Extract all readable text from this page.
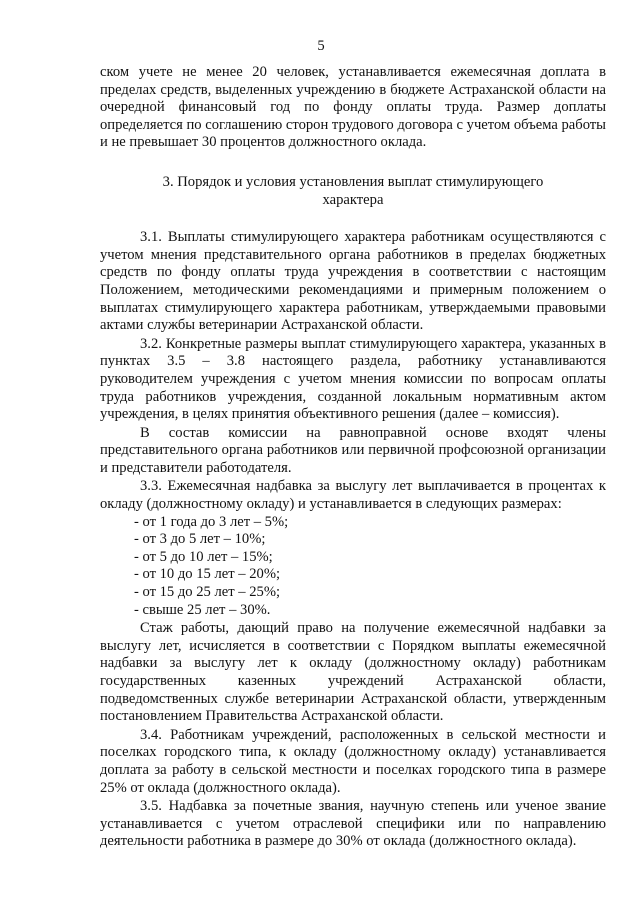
5

ском учете не менее 20 человек, устанавливается ежемесячная доплата в пределах средств, выделенных учреждению в бюджете Астраханской области на очередной финансовый год по фонду оплаты труда. Размер доплаты определяется по соглашению сторон трудового договора с учетом объема работы и не превышает 30 процентов должностного оклада.

3. Порядок и условия установления выплат стимулирующего
характера

3.1. Выплаты стимулирующего характера работникам осуществляются с учетом мнения представительного органа работников в пределах бюджетных средств по фонду оплаты труда учреждения в соответствии с настоящим Положением, методическими рекомендациями и примерным положением о выплатах стимулирующего характера работникам, утверждаемыми правовыми актами службы ветеринарии Астраханской области.

3.2. Конкретные размеры выплат стимулирующего характера, указанных в пунктах 3.5 – 3.8 настоящего раздела, работнику устанавливаются руководителем учреждения с учетом мнения комиссии по вопросам оплаты труда работников учреждения, созданной локальным нормативным актом учреждения, в целях принятия объективного решения (далее – комиссия).

В состав комиссии на равноправной основе входят члены представительного органа работников или первичной профсоюзной организации и представители работодателя.

3.3. Ежемесячная надбавка за выслугу лет выплачивается в процентах к окладу (должностному окладу) и устанавливается в следующих размерах:

- от 1 года до 3 лет – 5%;

- от 3 до 5 лет – 10%;

- от 5 до 10 лет – 15%;

- от 10 до 15 лет – 20%;

- от 15 до 25 лет – 25%;

- свыше 25 лет – 30%.

Стаж работы, дающий право на получение ежемесячной надбавки за выслугу лет, исчисляется в соответствии с Порядком выплаты ежемесячной надбавки за выслугу лет к окладу (должностному окладу) работникам государственных казенных учреждений Астраханской области, подведомственных службе ветеринарии Астраханской области, утвержденным постановлением Правительства Астраханской области.

3.4. Работникам учреждений, расположенных в сельской местности и поселках городского типа, к окладу (должностному окладу) устанавливается доплата за работу в сельской местности и поселках городского типа в размере 25% от оклада (должностного оклада).

3.5. Надбавка за почетные звания, научную степень или ученое звание устанавливается с учетом отраслевой специфики или по направлению деятельности работника в размере до 30% от оклада (должностного оклада).
